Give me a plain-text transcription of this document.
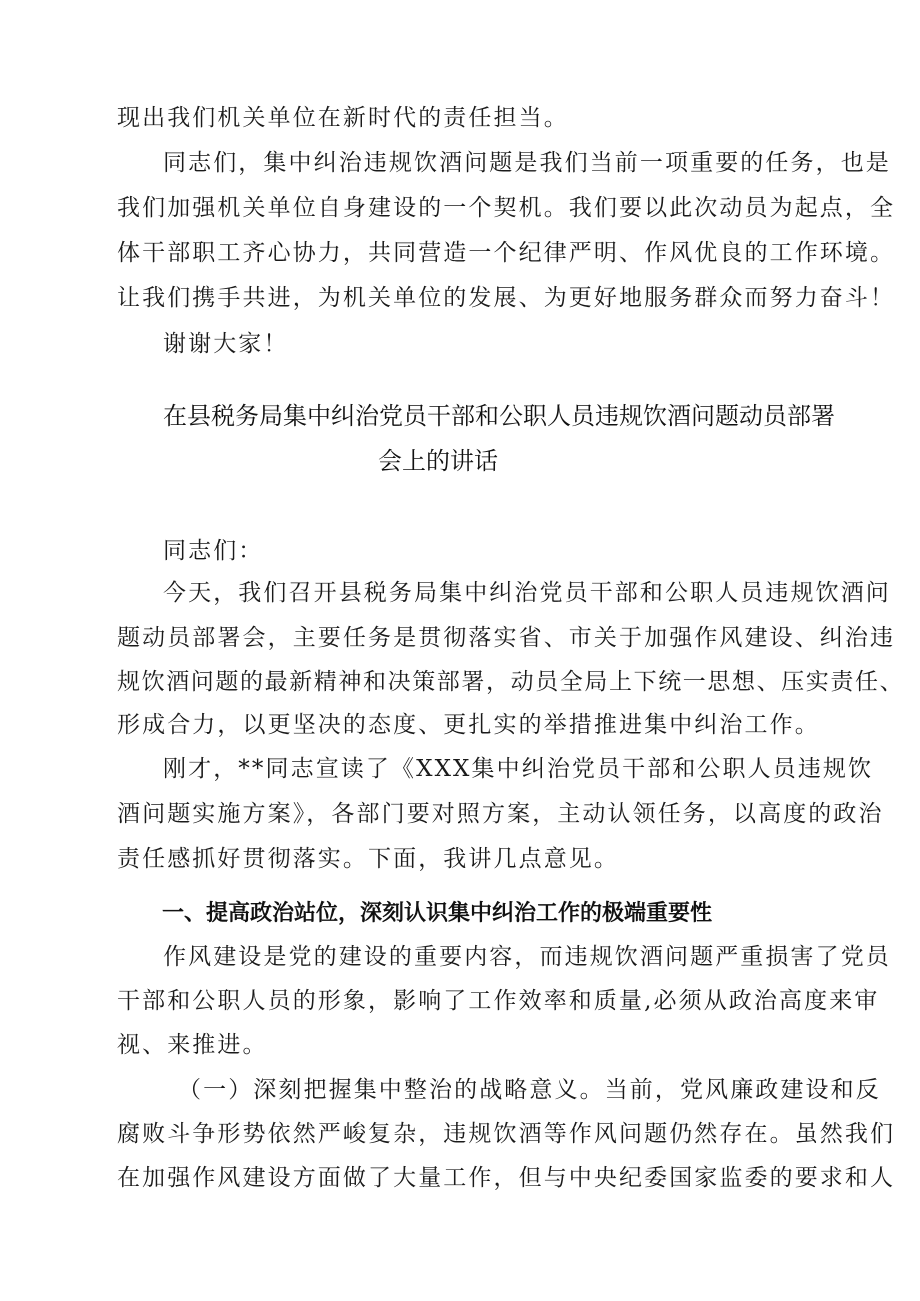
现出我们机关单位在新时代的责任担当。
同志们，集中纠治违规饮酒问题是我们当前一项重要的任务，也是
我们加强机关单位自身建设的一个契机。我们要以此次动员为起点，全
体干部职工齐心协力，共同营造一个纪律严明、作风优良的工作环境。
让我们携手共进，为机关单位的发展、为更好地服务群众而努力奋斗！
谢谢大家！
在县税务局集中纠治党员干部和公职人员违规饮酒问题动员部署
会上的讲话
同志们：
今天，我们召开县税务局集中纠治党员干部和公职人员违规饮酒问
题动员部署会，主要任务是贯彻落实省、市关于加强作风建设、纠治违
规饮酒问题的最新精神和决策部署，动员全局上下统一思想、压实责任、
形成合力，以更坚决的态度、更扎实的举措推进集中纠治工作。
刚才，**同志宣读了《XXX集中纠治党员干部和公职人员违规饮
酒问题实施方案》，各部门要对照方案，主动认领任务，以高度的政治
责任感抓好贯彻落实。下面，我讲几点意见。
一、提高政治站位，深刻认识集中纠治工作的极端重要性
作风建设是党的建设的重要内容，而违规饮酒问题严重损害了党员
干部和公职人员的形象，影响了工作效率和质量,必须从政治高度来审
视、来推进。
（一）深刻把握集中整治的战略意义。当前，党风廉政建设和反
腐败斗争形势依然严峻复杂，违规饮酒等作风问题仍然存在。虽然我们
在加强作风建设方面做了大量工作，但与中央纪委国家监委的要求和人
